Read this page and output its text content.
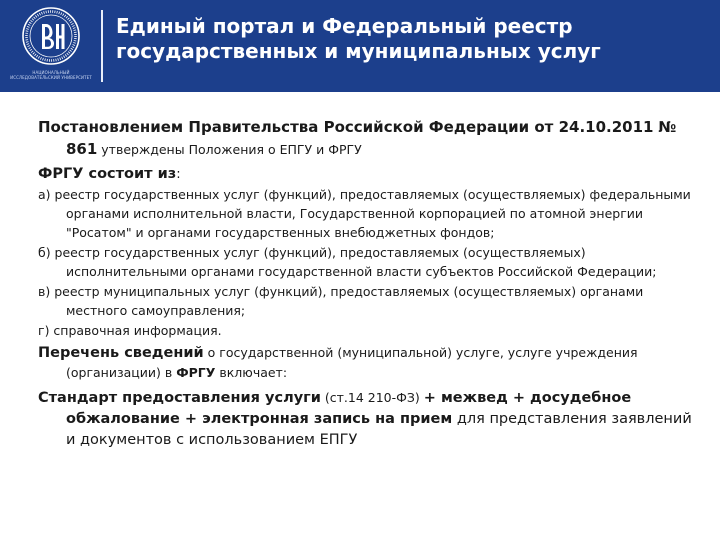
НАЦИОНАЛЬНЫЙ ИССЛЕДОВАТЕЛЬСКИЙ УНИВЕРСИТЕТ
Единый портал и Федеральный реестр
государственных и муниципальных услуг

Постановлением Правительства Российской Федерации от 24.10.2011 № 861 утверждены Положения о ЕПГУ и ФРГУ

ФРГУ состоит из:

а) реестр государственных услуг (функций), предоставляемых (осуществляемых) федеральными органами исполнительной власти, Государственной корпорацией по атомной энергии "Росатом" и органами государственных внебюджетных фондов;

б) реестр государственных услуг (функций), предоставляемых (осуществляемых) исполнительными органами государственной власти субъектов Российской Федерации;

в) реестр муниципальных услуг (функций), предоставляемых (осуществляемых) органами местного самоуправления;

г) справочная информация.

Перечень сведений о государственной (муниципальной) услуге, услуге учреждения (организации) в ФРГУ включает:

Стандарт предоставления услуги (ст.14 210-ФЗ) + межвед + досудебное обжалование + электронная запись на прием для представления заявлений и документов с использованием ЕПГУ
